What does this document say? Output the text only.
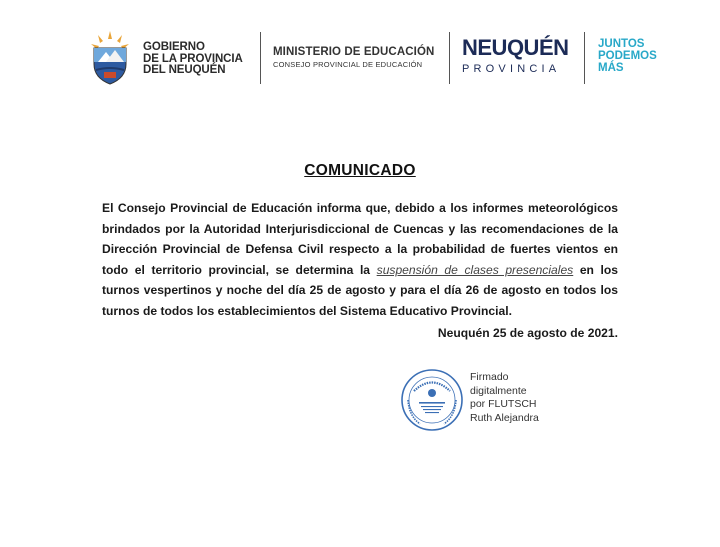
GOBIERNO
DE LA PROVINCIA
DEL NEUQUÉN
MINISTERIO DE EDUCACIÓN
CONSEJO PROVINCIAL DE EDUCACIÓN
NEUQUÉN
PROVINCIA
JUNTOS
PODEMOS
MÁS
COMUNICADO
El Consejo Provincial de Educación informa que, debido a los informes meteorológicos brindados por la Autoridad Interjurisdiccional de Cuencas y las recomendaciones de la Dirección Provincial de Defensa Civil respecto a la probabilidad de fuertes vientos en todo el territorio provincial, se determina la suspensión de clases presenciales en los turnos vespertinos y noche del día 25 de agosto y para el día 26 de agosto en todos los turnos de todos los establecimientos del Sistema Educativo Provincial.
Neuquén 25 de agosto de 2021.
Firmado
digitalmente
por FLUTSCH
Ruth Alejandra
